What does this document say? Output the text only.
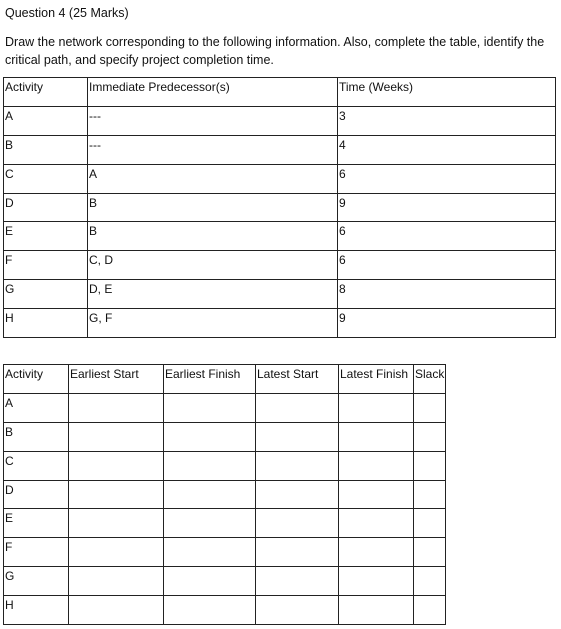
Question 4 (25 Marks)
Draw the network corresponding to the following information. Also, complete the table, identify the critical path, and specify project completion time.
Activity	Immediate Predecessor(s)	Time (Weeks)

A	---	3

B	---	4

C	A	6

D	B	9

E	B	6

F	C, D	6

G	D, E	8

H	G, F	9
Activity	Earliest Start	Earliest Finish	Latest Start	Latest Finish	Slack

A					

B					

C					

D					

E					

F					

G					

H					
